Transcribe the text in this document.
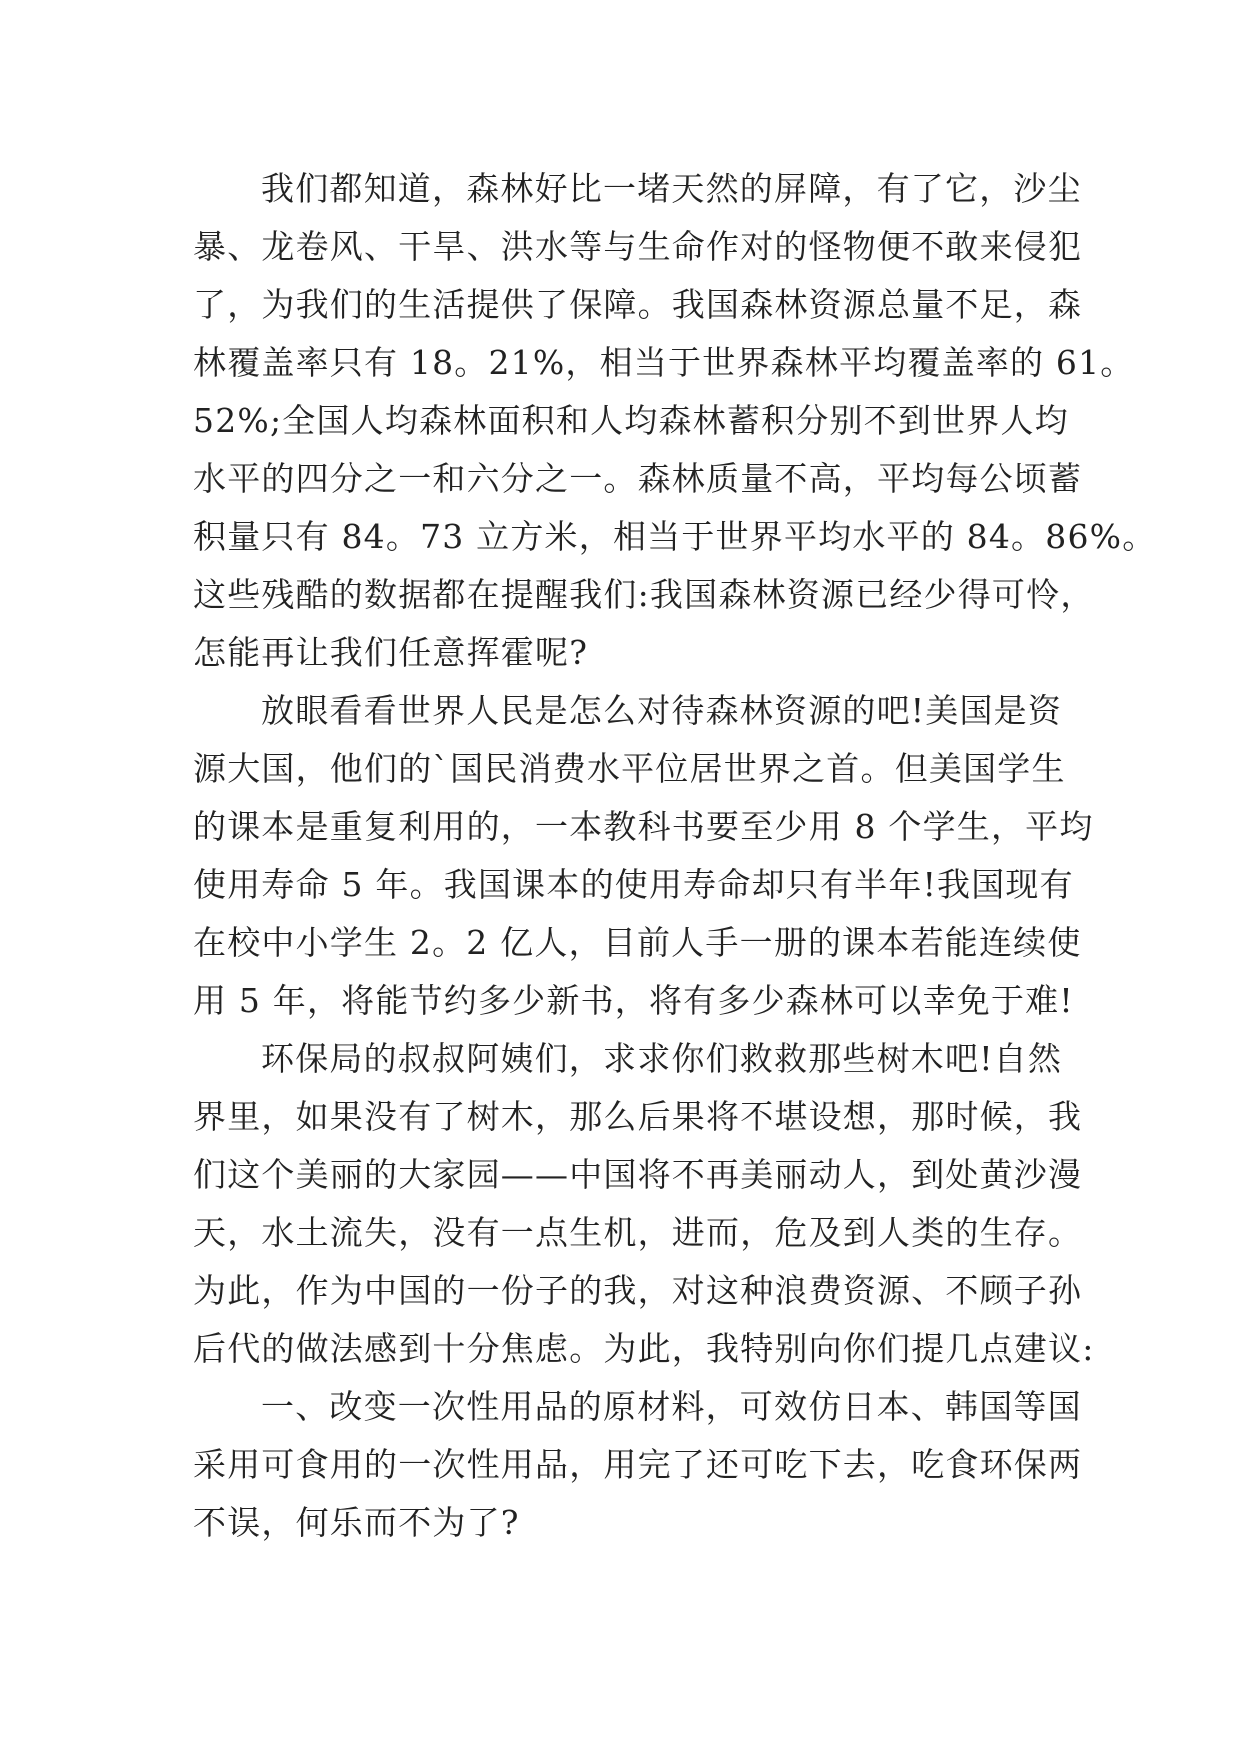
我们都知道，森林好比一堵天然的屏障，有了它，沙尘
暴、龙卷风、干旱、洪水等与生命作对的怪物便不敢来侵犯
了，为我们的生活提供了保障。我国森林资源总量不足，森
林覆盖率只有 18。21%，相当于世界森林平均覆盖率的 61。
52%;全国人均森林面积和人均森林蓄积分别不到世界人均
水平的四分之一和六分之一。森林质量不高，平均每公顷蓄
积量只有 84。73 立方米，相当于世界平均水平的 84。86%。
这些残酷的数据都在提醒我们:我国森林资源已经少得可怜，
怎能再让我们任意挥霍呢?
放眼看看世界人民是怎么对待森林资源的吧!美国是资
源大国，他们的`国民消费水平位居世界之首。但美国学生
的课本是重复利用的，一本教科书要至少用 8 个学生，平均
使用寿命 5 年。我国课本的使用寿命却只有半年!我国现有
在校中小学生 2。2 亿人，目前人手一册的课本若能连续使
用 5 年，将能节约多少新书，将有多少森林可以幸免于难!
环保局的叔叔阿姨们，求求你们救救那些树木吧!自然
界里，如果没有了树木，那么后果将不堪设想，那时候，我
们这个美丽的大家园——中国将不再美丽动人，到处黄沙漫
天，水土流失，没有一点生机，进而，危及到人类的生存。
为此，作为中国的一份子的我，对这种浪费资源、不顾子孙
后代的做法感到十分焦虑。为此，我特别向你们提几点建议:
一、改变一次性用品的原材料，可效仿日本、韩国等国
采用可食用的一次性用品，用完了还可吃下去，吃食环保两
不误，何乐而不为了?
